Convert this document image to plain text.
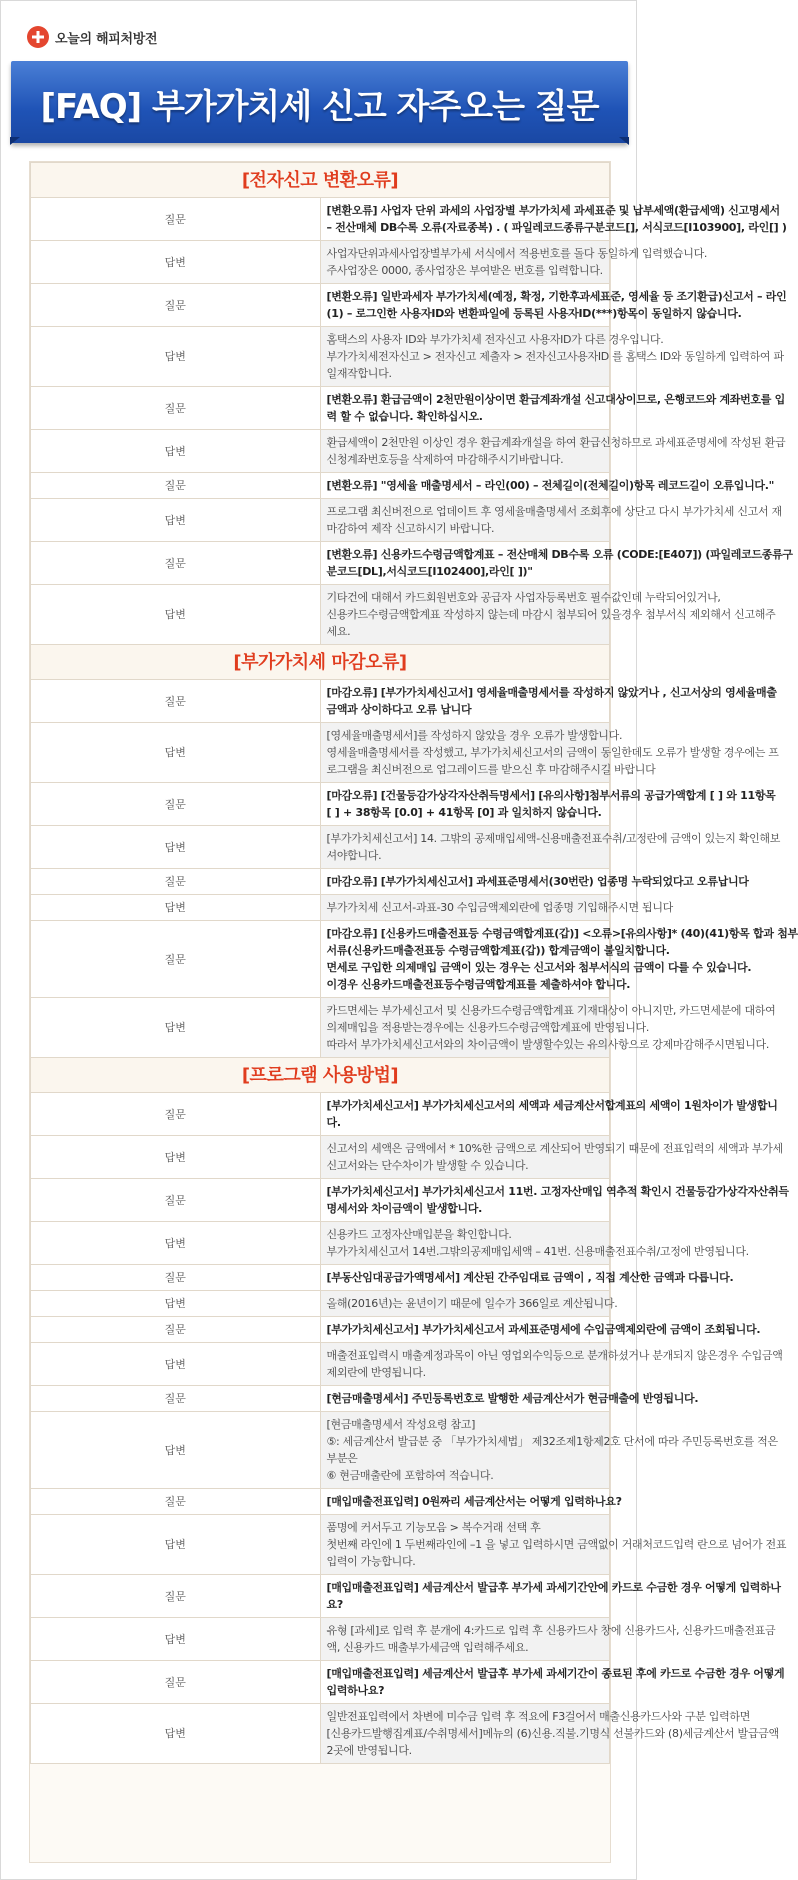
오늘의 해피처방전
[FAQ] 부가가치세 신고 자주오는 질문
[전자신고 변환오류]	
질문	[변환오류] 사업자 단위 과세의 사업장별 부가가치세 과세표준 및 납부세액(환급세액) 신고명세서
– 전산매체 DB수록 오류(자료종복) . ( 파일레코드종류구분코드[], 서식코드[I103900], 라인[] )

답변	사업자단위과세사업장별부가세 서식에서 적용번호를 돌다 동일하게 입력했습니다.
주사업장은 0000, 종사업장은 부여받은 번호를 입력합니다.

질문	[변환오류] 일반과세자 부가가치세(예정, 확정, 기한후과세표준, 영세율 등 조기환급)신고서 – 라인
(1) – 로그인한 사용자ID와 변환파일에 등록된 사용자ID(***)항목이 동일하지 않습니다.

답변	홈택스의 사용자 ID와 부가가치세 전자신고 사용자ID가 다른 경우입니다.
부가가치세전자신고 > 전자신고 제출자 > 전자신고사용자ID 를 홈택스 ID와 동일하게 입력하여 파
일재작합니다.

질문	[변환오류] 환급금액이 2천만원이상이면 환급계좌개설 신고대상이므로, 은행코드와 계좌번호를 입
력 할 수 없습니다. 확인하십시오.

답변	환급세액이 2천만원 이상인 경우 환급계좌개설을 하여 환급신청하므로 과세표준명세에 작성된 환급
신청계좌번호등을 삭제하여 마감해주시기바랍니다.

질문	[변환오류] "영세율 매출명세서 – 라인(00) – 전체길이(전체길이)항목 레코드길이 오류입니다."

답변	프로그램 최신버전으로 업데이트 후 영세율매출명세서 조회후에 상단고 다시 부가가치세 신고서 재
마감하여 제작 신고하시기 바랍니다.

질문	[변환오류] 신용카드수령금액합계표 – 전산매체 DB수록 오류 (CODE:[E407]) (파일레코드종류구
분코드[DL],서식코드[I102400],라인[ ])"

답변	기타건에 대해서 카드회원번호와 공급자 사업자등록번호 필수값인데 누락되어있거나,
신용카드수령금액합계표 작성하지 않는데 마감시 첨부되어 있을경우 첨부서식 제외해서 신고해주
세요.

[부가가치세 마감오류]	
질문	[마감오류] [부가가치세신고서] 영세율매출명세서를 작성하지 않았거나 , 신고서상의 영세율매출
금액과 상이하다고 오류 납니다

답변	[영세율매출명세서]를 작성하지 않았을 경우 오류가 발생합니다.
영세율매출명세서를 작성했고, 부가가치세신고서의 금액이 동일한데도 오류가 발생할 경우에는 프
로그램을 최신버전으로 업그레이드를 받으신 후 마감해주시길 바랍니다

질문	[마감오류] [건물등감가상각자산취득명세서] [유의사항]첨부서류의 공급가액합계 [ ] 와 11항목
[ ] + 38항목 [0.0] + 41항목 [0] 과 일치하지 않습니다.

답변	[부가가치세신고서] 14. 그밖의 공제매입세액-신용매출전표수취/고정란에 금액이 있는지 확인해보
셔야합니다.

질문	[마감오류] [부가가치세신고서] 과세표준명세서(30번란) 업종명 누락되었다고 오류납니다

답변	부가가치세 신고서-과표-30 수입금액제외란에 업종명 기입해주시면 됩니다

질문	[마감오류] [신용카드매출전표등 수령금액합계표(갑)] <오류>[유의사항]* (40)(41)항목 합과 첨부
서류(신용카드매출전표등 수령금액합계표(갑)) 합계금액이 불일치합니다.
면세로 구입한 의제매입 금액이 있는 경우는 신고서와 첨부서식의 금액이 다를 수 있습니다.
이경우 신용카드매출전표등수령금액합계표를 제출하셔야 합니다.

답변	카드면세는 부가세신고서 및 신용카드수령금액합계표 기재대상이 아니지만, 카드면세분에 대하여
의제매입을 적용받는경우에는 신용카드수령금액합계표에 반영됩니다.
따라서 부가가치세신고서와의 차이금액이 발생할수있는 유의사항으로 강제마감해주시면됩니다.

[프로그램 사용방법]	
질문	[부가가치세신고서] 부가가치세신고서의 세액과 세금계산서합계표의 세액이 1원차이가 발생합니
다.

답변	신고서의 세액은 금액에서 * 10%한 금액으로 계산되어 반영되기 때문에 전표입력의 세액과 부가세
신고서와는 단수차이가 발생할 수 있습니다.

질문	[부가가치세신고서] 부가가치세신고서 11번. 고정자산매입 역추적 확인시 건물등감가상각자산취득
명세서와 차이금액이 발생합니다.

답변	신용카드 고정자산매입분을 확인합니다.
부가가치세신고서 14번.그밖의공제매입세액 – 41번. 신용매출전표수취/고정에 반영됩니다.

질문	[부동산임대공급가액명세서] 계산된 간주임대료 금액이 , 직접 계산한 금액과 다릅니다.

답변	올해(2016년)는 윤년이기 때문에 일수가 366일로 계산됩니다.

질문	[부가가치세신고서] 부가가치세신고서 과세표준명세에 수입금액제외란에 금액이 조회됩니다.

답변	매출전표입력시 매출계정과목이 아닌 영업외수익등으로 분개하셨거나 분개되지 않은경우 수입금액
제외란에 반영됩니다.

질문	[현금매출명세서] 주민등록번호로 발행한 세금계산서가 현금매출에 반영됩니다.

답변	[현금매출명세서 작성요령 참고]
⑤: 세금계산서 발급분 중 「부가가치세법」 제32조제1항제2호 단서에 따라 주민등록번호를 적은
부분은
⑥ 현금매출란에 포함하여 적습니다.

질문	[매입매출전표입력] 0원짜리 세금계산서는 어떻게 입력하나요?

답변	품명에 커서두고 기능모음 > 복수거래 선택 후
첫번째 라인에 1 두번째라인에 –1 을 넣고 입력하시면 금액없이 거래처코드입력 란으로 넘어가 전표
입력이 가능합니다.

질문	[매입매출전표입력] 세금계산서 발급후 부가세 과세기간안에 카드로 수금한 경우 어떻게 입력하나
요?

답변	유형 [과세]로 입력 후 분개에 4:카드로 입력 후 신용카드사 창에 신용카드사, 신용카드매출전표금
액, 신용카드 매출부가세금액 입력해주세요.

질문	[매입매출전표입력] 세금계산서 발급후 부가세 과세기간이 종료된 후에 카드로 수금한 경우 어떻게
입력하나요?

답변	일반전표입력에서 차변에 미수금 입력 후 적요에 F3걸어서 매출신용카드사와 구분 입력하면
[신용카드발행집계표/수취명세서]메뉴의 (6)신용.직불.기명식 선불카드와 (8)세금계산서 발급금액
2곳에 반영됩니다.
